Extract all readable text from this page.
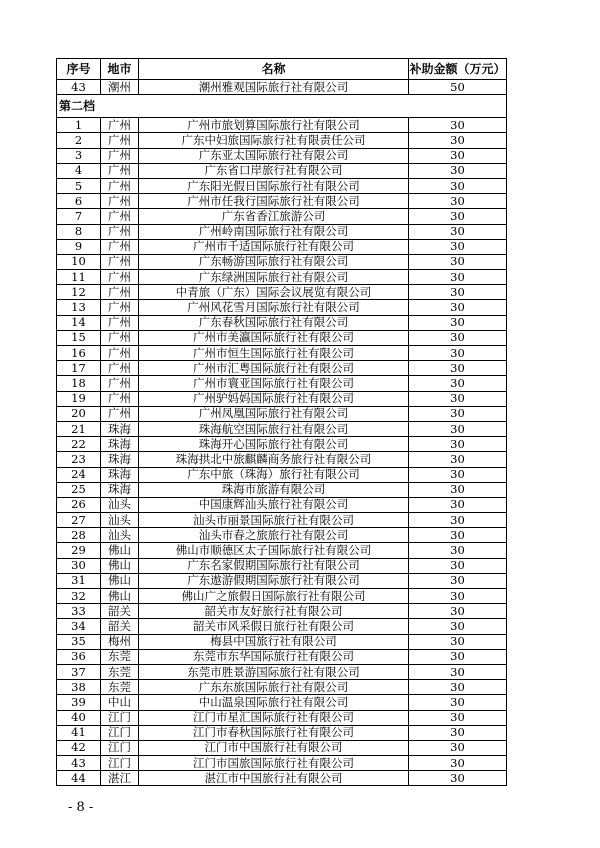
序号	地市	名称	补助金额（万元）
43	潮州	潮州雅观国际旅行社有限公司	50
第二档			
1	广州	广州市旅划算国际旅行社有限公司	30
2	广州	广东中妇旅国际旅行社有限责任公司	30
3	广州	广东亚太国际旅行社有限公司	30
4	广州	广东省口岸旅行社有限公司	30
5	广州	广东阳光假日国际旅行社有限公司	30
6	广州	广州市任我行国际旅行社有限公司	30
7	广州	广东省香江旅游公司	30
8	广州	广州岭南国际旅行社有限公司	30
9	广州	广州市千适国际旅行社有限公司	30
10	广州	广东畅游国际旅行社有限公司	30
11	广州	广东绿洲国际旅行社有限公司	30
12	广州	中青旅（广东）国际会议展览有限公司	30
13	广州	广州风花雪月国际旅行社有限公司	30
14	广州	广东春秋国际旅行社有限公司	30
15	广州	广州市美瀛国际旅行社有限公司	30
16	广州	广州市恒生国际旅行社有限公司	30
17	广州	广州市汇粤国际旅行社有限公司	30
18	广州	广州市寰亚国际旅行社有限公司	30
19	广州	广州驴妈妈国际旅行社有限公司	30
20	广州	广州凤凰国际旅行社有限公司	30
21	珠海	珠海航空国际旅行社有限公司	30
22	珠海	珠海开心国际旅行社有限公司	30
23	珠海	珠海拱北中旅麒麟商务旅行社有限公司	30
24	珠海	广东中旅（珠海）旅行社有限公司	30
25	珠海	珠海市旅游有限公司	30
26	汕头	中国康辉汕头旅行社有限公司	30
27	汕头	汕头市丽景国际旅行社有限公司	30
28	汕头	汕头市春之旅旅行社有限公司	30
29	佛山	佛山市顺德区太子国际旅行社有限公司	30
30	佛山	广东名家假期国际旅行社有限公司	30
31	佛山	广东遨游假期国际旅行社有限公司	30
32	佛山	佛山广之旅假日国际旅行社有限公司	30
33	韶关	韶关市友好旅行社有限公司	30
34	韶关	韶关市风采假日旅行社有限公司	30
35	梅州	梅县中国旅行社有限公司	30
36	东莞	东莞市东华国际旅行社有限公司	30
37	东莞	东莞市胜景游国际旅行社有限公司	30
38	东莞	广东东旅国际旅行社有限公司	30
39	中山	中山温泉国际旅行社有限公司	30
40	江门	江门市星汇国际旅行社有限公司	30
41	江门	江门市春秋国际旅行社有限公司	30
42	江门	江门市中国旅行社有限公司	30
43	江门	江门市国旅国际旅行社有限公司	30
44	湛江	湛江市中国旅行社有限公司	30
- 8 -
